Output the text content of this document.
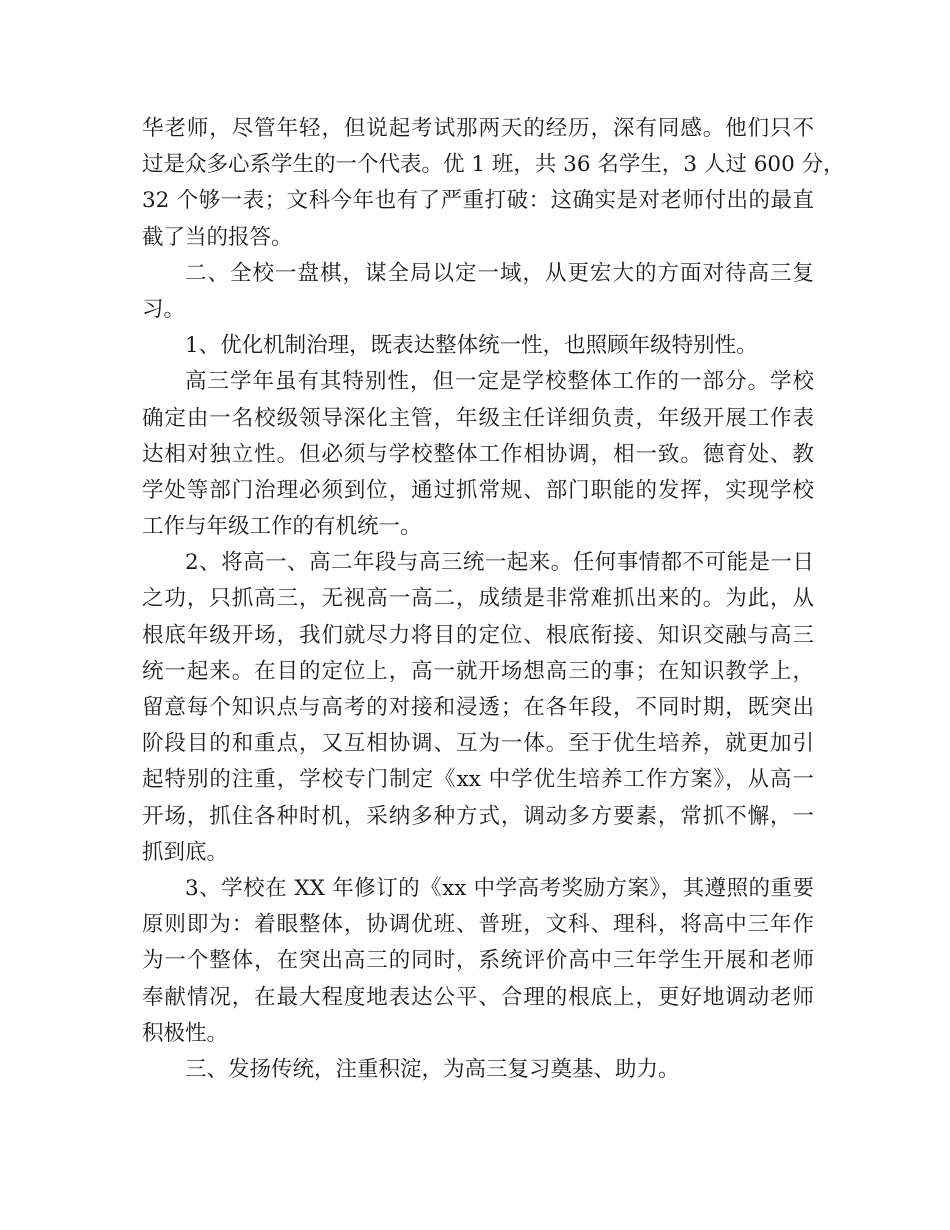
华老师，尽管年轻，但说起考试那两天的经历，深有同感。他们只不
过是众多心系学生的一个代表。优 1 班，共 36 名学生，3 人过 600 分，
32 个够一表；文科今年也有了严重打破：这确实是对老师付出的最直
截了当的报答。
二、全校一盘棋，谋全局以定一域，从更宏大的方面对待高三复
习。
1、优化机制治理，既表达整体统一性，也照顾年级特别性。
高三学年虽有其特别性，但一定是学校整体工作的一部分。学校
确定由一名校级领导深化主管，年级主任详细负责，年级开展工作表
达相对独立性。但必须与学校整体工作相协调，相一致。德育处、教
学处等部门治理必须到位，通过抓常规、部门职能的发挥，实现学校
工作与年级工作的有机统一。
2、将高一、高二年段与高三统一起来。任何事情都不可能是一日
之功，只抓高三，无视高一高二，成绩是非常难抓出来的。为此，从
根底年级开场，我们就尽力将目的定位、根底衔接、知识交融与高三
统一起来。在目的定位上，高一就开场想高三的事；在知识教学上，
留意每个知识点与高考的对接和浸透；在各年段，不同时期，既突出
阶段目的和重点，又互相协调、互为一体。至于优生培养，就更加引
起特别的注重，学校专门制定《xx 中学优生培养工作方案》，从高一
开场，抓住各种时机，采纳多种方式，调动多方要素，常抓不懈，一
抓到底。
3、学校在 XX 年修订的《xx 中学高考奖励方案》，其遵照的重要
原则即为：着眼整体，协调优班、普班，文科、理科，将高中三年作
为一个整体，在突出高三的同时，系统评价高中三年学生开展和老师
奉献情况，在最大程度地表达公平、合理的根底上，更好地调动老师
积极性。
三、发扬传统，注重积淀，为高三复习奠基、助力。
